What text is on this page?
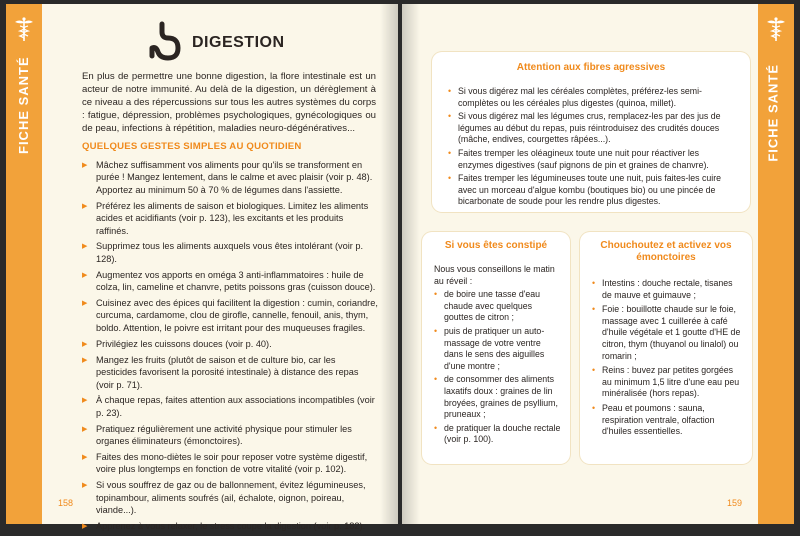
FICHE SANTÉ
DIGESTION
En plus de permettre une bonne digestion, la flore intestinale est un acteur de notre immunité. Au delà de la digestion, un dérèglement à ce niveau a des répercussions sur tous les autres systèmes du corps : fatigue, dépression, problèmes psychologiques, gynécologiques ou de peau, infections à répétition, maladies neuro-dégénératives...
QUELQUES GESTES SIMPLES AU QUOTIDIEN
▶ Mâchez suffisamment vos aliments pour qu'ils se transforment en purée ! Mangez lentement, dans le calme et avec plaisir (voir p. 48). Apportez au minimum 50 à 70 % de légumes dans l'assiette.
▶ Préférez les aliments de saison et biologiques. Limitez les aliments acides et acidifiants (voir p. 123), les excitants et les produits raffinés.
▶ Supprimez tous les aliments auxquels vous êtes intolérant (voir p. 128).
▶ Augmentez vos apports en oméga 3 anti-inflammatoires : huile de colza, lin, cameline et chanvre, petits poissons gras (cuisson douce).
▶ Cuisinez avec des épices qui facilitent la digestion : cumin, coriandre, curcuma, cardamome, clou de girofle, cannelle, fenouil, anis, thym, boldo. Attention, le poivre est irritant pour des muqueuses fragiles.
▶ Privilégiez les cuissons douces (voir p. 40).
▶ Mangez les fruits (plutôt de saison et de culture bio, car les pesticides favorisent la porosité intestinale) à distance des repas (voir p. 71).
▶ À chaque repas, faites attention aux associations incompatibles (voir p. 23).
▶ Pratiquez régulièrement une activité physique pour stimuler les organes éliminateurs (émonctoires).
▶ Faites des mono-diètes le soir pour reposer votre système digestif, voire plus longtemps en fonction de votre vitalité (voir p. 102).
▶ Si vous souffrez de gaz ou de ballonnement, évitez légumineuses, topinambour, aliments soufrés (ail, échalote, oignon, poireau, viande...).
▶ Apprenez à vous relaxer, le stress coupe la digestion (voir p. 182).
158
FICHE SANTÉ
Attention aux fibres agressives
• Si vous digérez mal les céréales complètes, préférez-les semi-complètes ou les céréales plus digestes (quinoa, millet).
• Si vous digérez mal les légumes crus, remplacez-les par des jus de légumes au début du repas, puis réintroduisez des crudités douces (mâche, endives, courgettes râpées...).
• Faites tremper les oléagineux toute une nuit pour réactiver les enzymes digestives (sauf pignons de pin et graines de chanvre).
• Faites tremper les légumineuses toute une nuit, puis faites-les cuire avec un morceau d'algue kombu (boutiques bio) ou une pincée de bicarbonate de soude pour les rendre plus digestes.
Si vous êtes constipé
Nous vous conseillons le matin au réveil :
• de boire une tasse d'eau chaude avec quelques gouttes de citron ;
• puis de pratiquer un auto-massage de votre ventre dans le sens des aiguilles d'une montre ;
• de consommer des aliments laxatifs doux : graines de lin broyées, graines de psyllium, pruneaux ;
• de pratiquer la douche rectale (voir p. 100).
Chouchoutez et activez vos émonctoires
• Intestins : douche rectale, tisanes de mauve et guimauve ;
• Foie : bouillotte chaude sur le foie, massage avec 1 cuillerée à café d'huile végétale et 1 goutte d'HE de citron, thym (thuyanol ou linalol) ou romarin ;
• Reins : buvez par petites gorgées au minimum 1,5 litre d'une eau peu minéralisée (hors repas).
• Peau et poumons : sauna, respiration ventrale, olfaction d'huiles essentielles.
159
